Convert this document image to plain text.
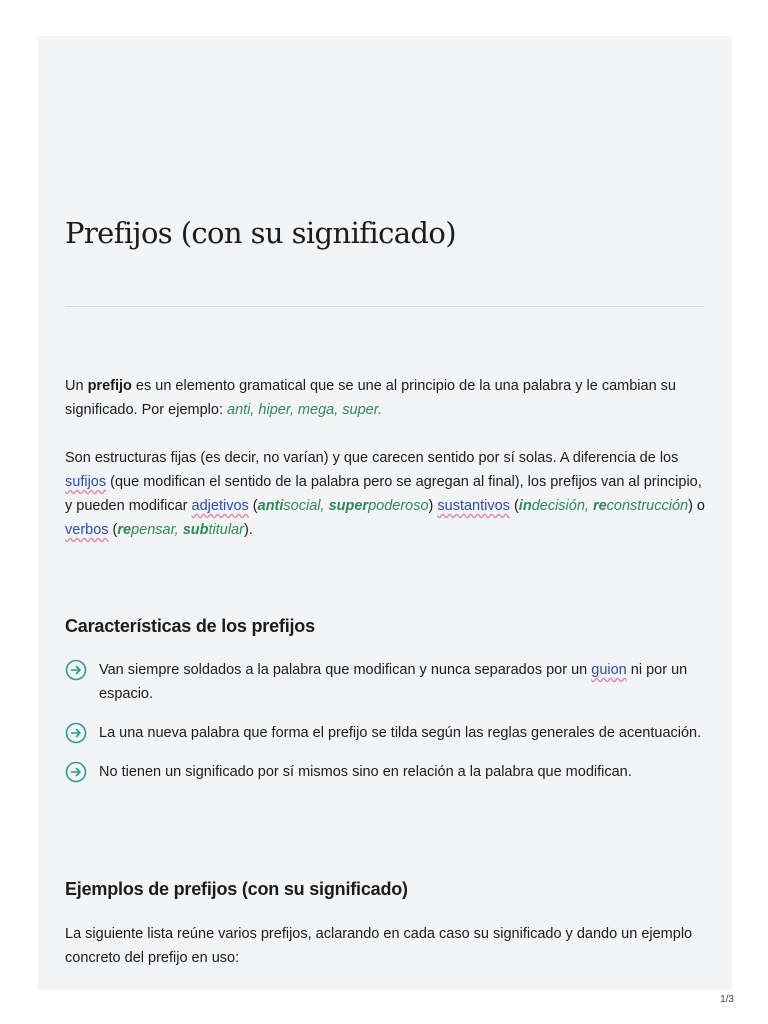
Prefijos (con su significado)

Un prefijo es un elemento gramatical que se une al principio de la una palabra y le cambian su significado. Por ejemplo: anti, hiper, mega, super.

Son estructuras fijas (es decir, no varían) y que carecen sentido por sí solas. A diferencia de los sufijos (que modifican el sentido de la palabra pero se agregan al final), los prefijos van al principio, y pueden modificar adjetivos (antisocial, superpoderoso) sustantivos (indecisión, reconstrucción) o verbos (repensar, subtitular).

Características de los prefijos
Van siempre soldados a la palabra que modifican y nunca separados por un guion ni por un espacio.
La una nueva palabra que forma el prefijo se tilda según las reglas generales de acentuación.
No tienen un significado por sí mismos sino en relación a la palabra que modifican.
Ejemplos de prefijos (con su significado)

La siguiente lista reúne varios prefijos, aclarando en cada caso su significado y dando un ejemplo concreto del prefijo en uso:

1/3
